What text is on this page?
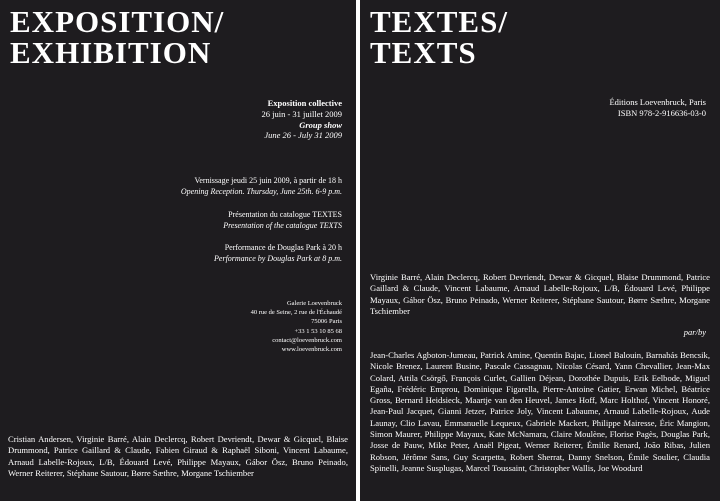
EXPOSITION/
EXHIBITION
Exposition collective
26 juin - 31 juillet 2009
Group show
June 26 - July 31 2009
Vernissage jeudi 25 juin 2009, à partir de 18 h
Opening Reception. Thursday, June 25th. 6-9 p.m.
Présentation du catalogue TEXTES
Presentation of the catalogue TEXTS
Performance de Douglas Park à 20 h
Performance by Douglas Park at 8 p.m.
Galerie Loevenbruck
40 rue de Seine, 2 rue de l'Échaudé
75006 Paris
+33 1 53 10 85 68
contact@loevenbruck.com
www.loevenbruck.com

Cristian Andersen, Virginie Barré, Alain Declercq, Robert Devriendt, Dewar & Gicquel, Blaise Drummond, Patrice Gaillard & Claude, Fabien Giraud & Raphaël Siboni, Vincent Labaume, Arnaud Labelle-Rojoux, L/B, Édouard Levé, Philippe Mayaux, Gábor Ösz, Bruno Peinado, Werner Reiterer, Stéphane Sautour, Børre Sæthre, Morgane Tschiember

TEXTES/
TEXTS
Éditions Loevenbruck, Paris
ISBN 978-2-916636-03-0

Virginie Barré, Alain Declercq, Robert Devriendt, Dewar & Gicquel, Blaise Drummond, Patrice Gaillard & Claude, Vincent Labaume, Arnaud Labelle-Rojoux, L/B, Édouard Levé, Philippe Mayaux, Gábor Ösz, Bruno Peinado, Werner Reiterer, Stéphane Sautour, Børre Sæthre, Morgane Tschiember

par/by

Jean-Charles Agboton-Jumeau, Patrick Amine, Quentin Bajac, Lionel Balouin, Barnabás Bencsik, Nicole Brenez, Laurent Busine, Pascale Cassagnau, Nicolas Césard, Yann Chevallier, Jean-Max Colard, Attila Csörgő, François Curlet, Gallien Déjean, Dorothée Dupuis, Erik Eelbode, Miguel Egaña, Frédéric Emprou, Dominique Figarella, Pierre-Antoine Gatier, Erwan Michel, Béatrice Gross, Bernard Heidsieck, Maartje van den Heuvel, James Hoff, Marc Holthof, Vincent Honoré, Jean-Paul Jacquet, Gianni Jetzer, Patrice Joly, Vincent Labaume, Arnaud Labelle-Rojoux, Aude Launay, Clio Lavau, Emmanuelle Lequeux, Gabriele Mackert, Philippe Mairesse, Éric Mangion, Simon Maurer, Philippe Mayaux, Kate McNamara, Claire Moulène, Florise Pagès, Douglas Park, Josse de Pauw, Mike Peter, Anaël Pigeat, Werner Reiterer, Émilie Renard, João Ribas, Julien Robson, Jérôme Sans, Guy Scarpetta, Robert Sherrat, Danny Snelson, Émile Soulier, Claudia Spinelli, Jeanne Susplugas, Marcel Toussaint, Christopher Wallis, Joe Woodard
